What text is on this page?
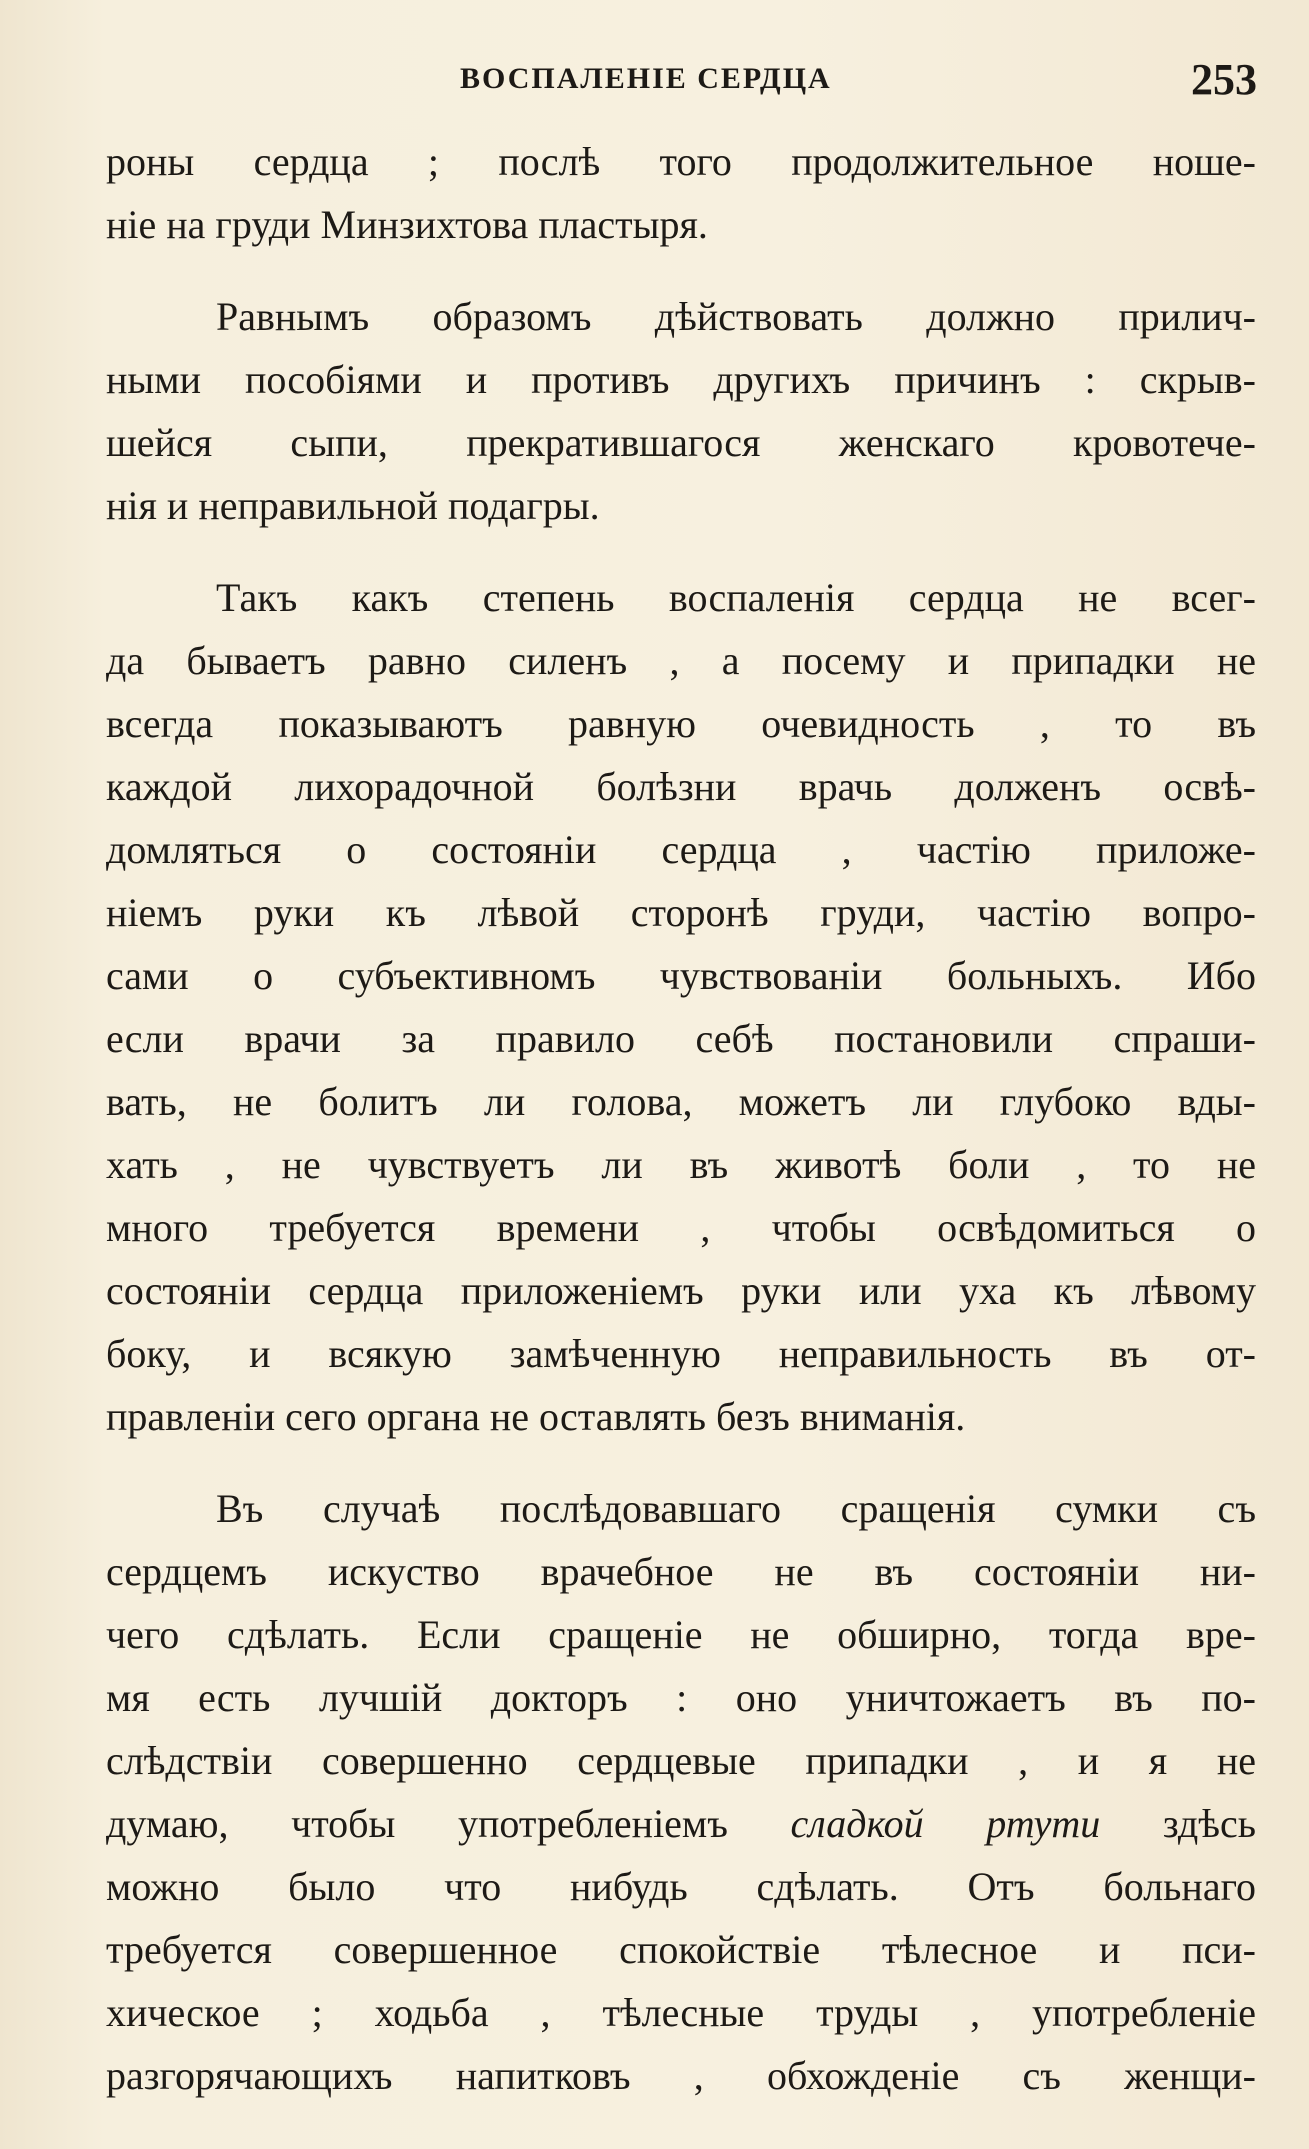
ВОСПАЛЕНІЕ СЕРДЦА	253
роны сердца ; послѣ того продолжительное ноше-
ніе на груди Минзихтова пластыря.
Равнымъ образомъ дѣйствовать должно прилич-
ными пособіями и противъ другихъ причинъ : скрыв-
шейся сыпи, прекратившагося женскаго кровотече-
нія и неправильной подагры.
Такъ какъ степень воспаленія сердца не всег-
да бываетъ равно силенъ , а посему и припадки не
всегда показываютъ равную очевидность , то въ
каждой лихорадочной болѣзни врачь долженъ освѣ-
домляться о состояніи сердца , частію приложе-
ніемъ руки къ лѣвой сторонѣ груди, частію вопро-
сами о субъективномъ чувствованіи больныхъ. Ибо
если врачи за правило себѣ постановили спраши-
вать, не болитъ ли голова, можетъ ли глубоко вды-
хать , не чувствуетъ ли въ животѣ боли , то не
много требуется времени , чтобы освѣдомиться о
состояніи сердца приложеніемъ руки или уха къ лѣвому
боку, и всякую замѣченную неправильность въ от-
правленіи сего органа не оставлять безъ вниманія.
Въ случаѣ послѣдовавшаго сращенія сумки съ
сердцемъ искуство врачебное не въ состояніи ни-
чего сдѣлать. Если сращеніе не обширно, тогда вре-
мя есть лучшій докторъ : оно уничтожаетъ въ по-
слѣдствіи совершенно сердцевые припадки , и я не
думаю, чтобы употребленіемъ сладкой ртути здѣсь
можно было что нибудь сдѣлать. Отъ больнаго
требуется совершенное спокойствіе тѣлесное и пси-
хическое ; ходьба , тѣлесные труды , употребленіе
разгорячающихъ напитковъ , обхожденіе съ женщи-
